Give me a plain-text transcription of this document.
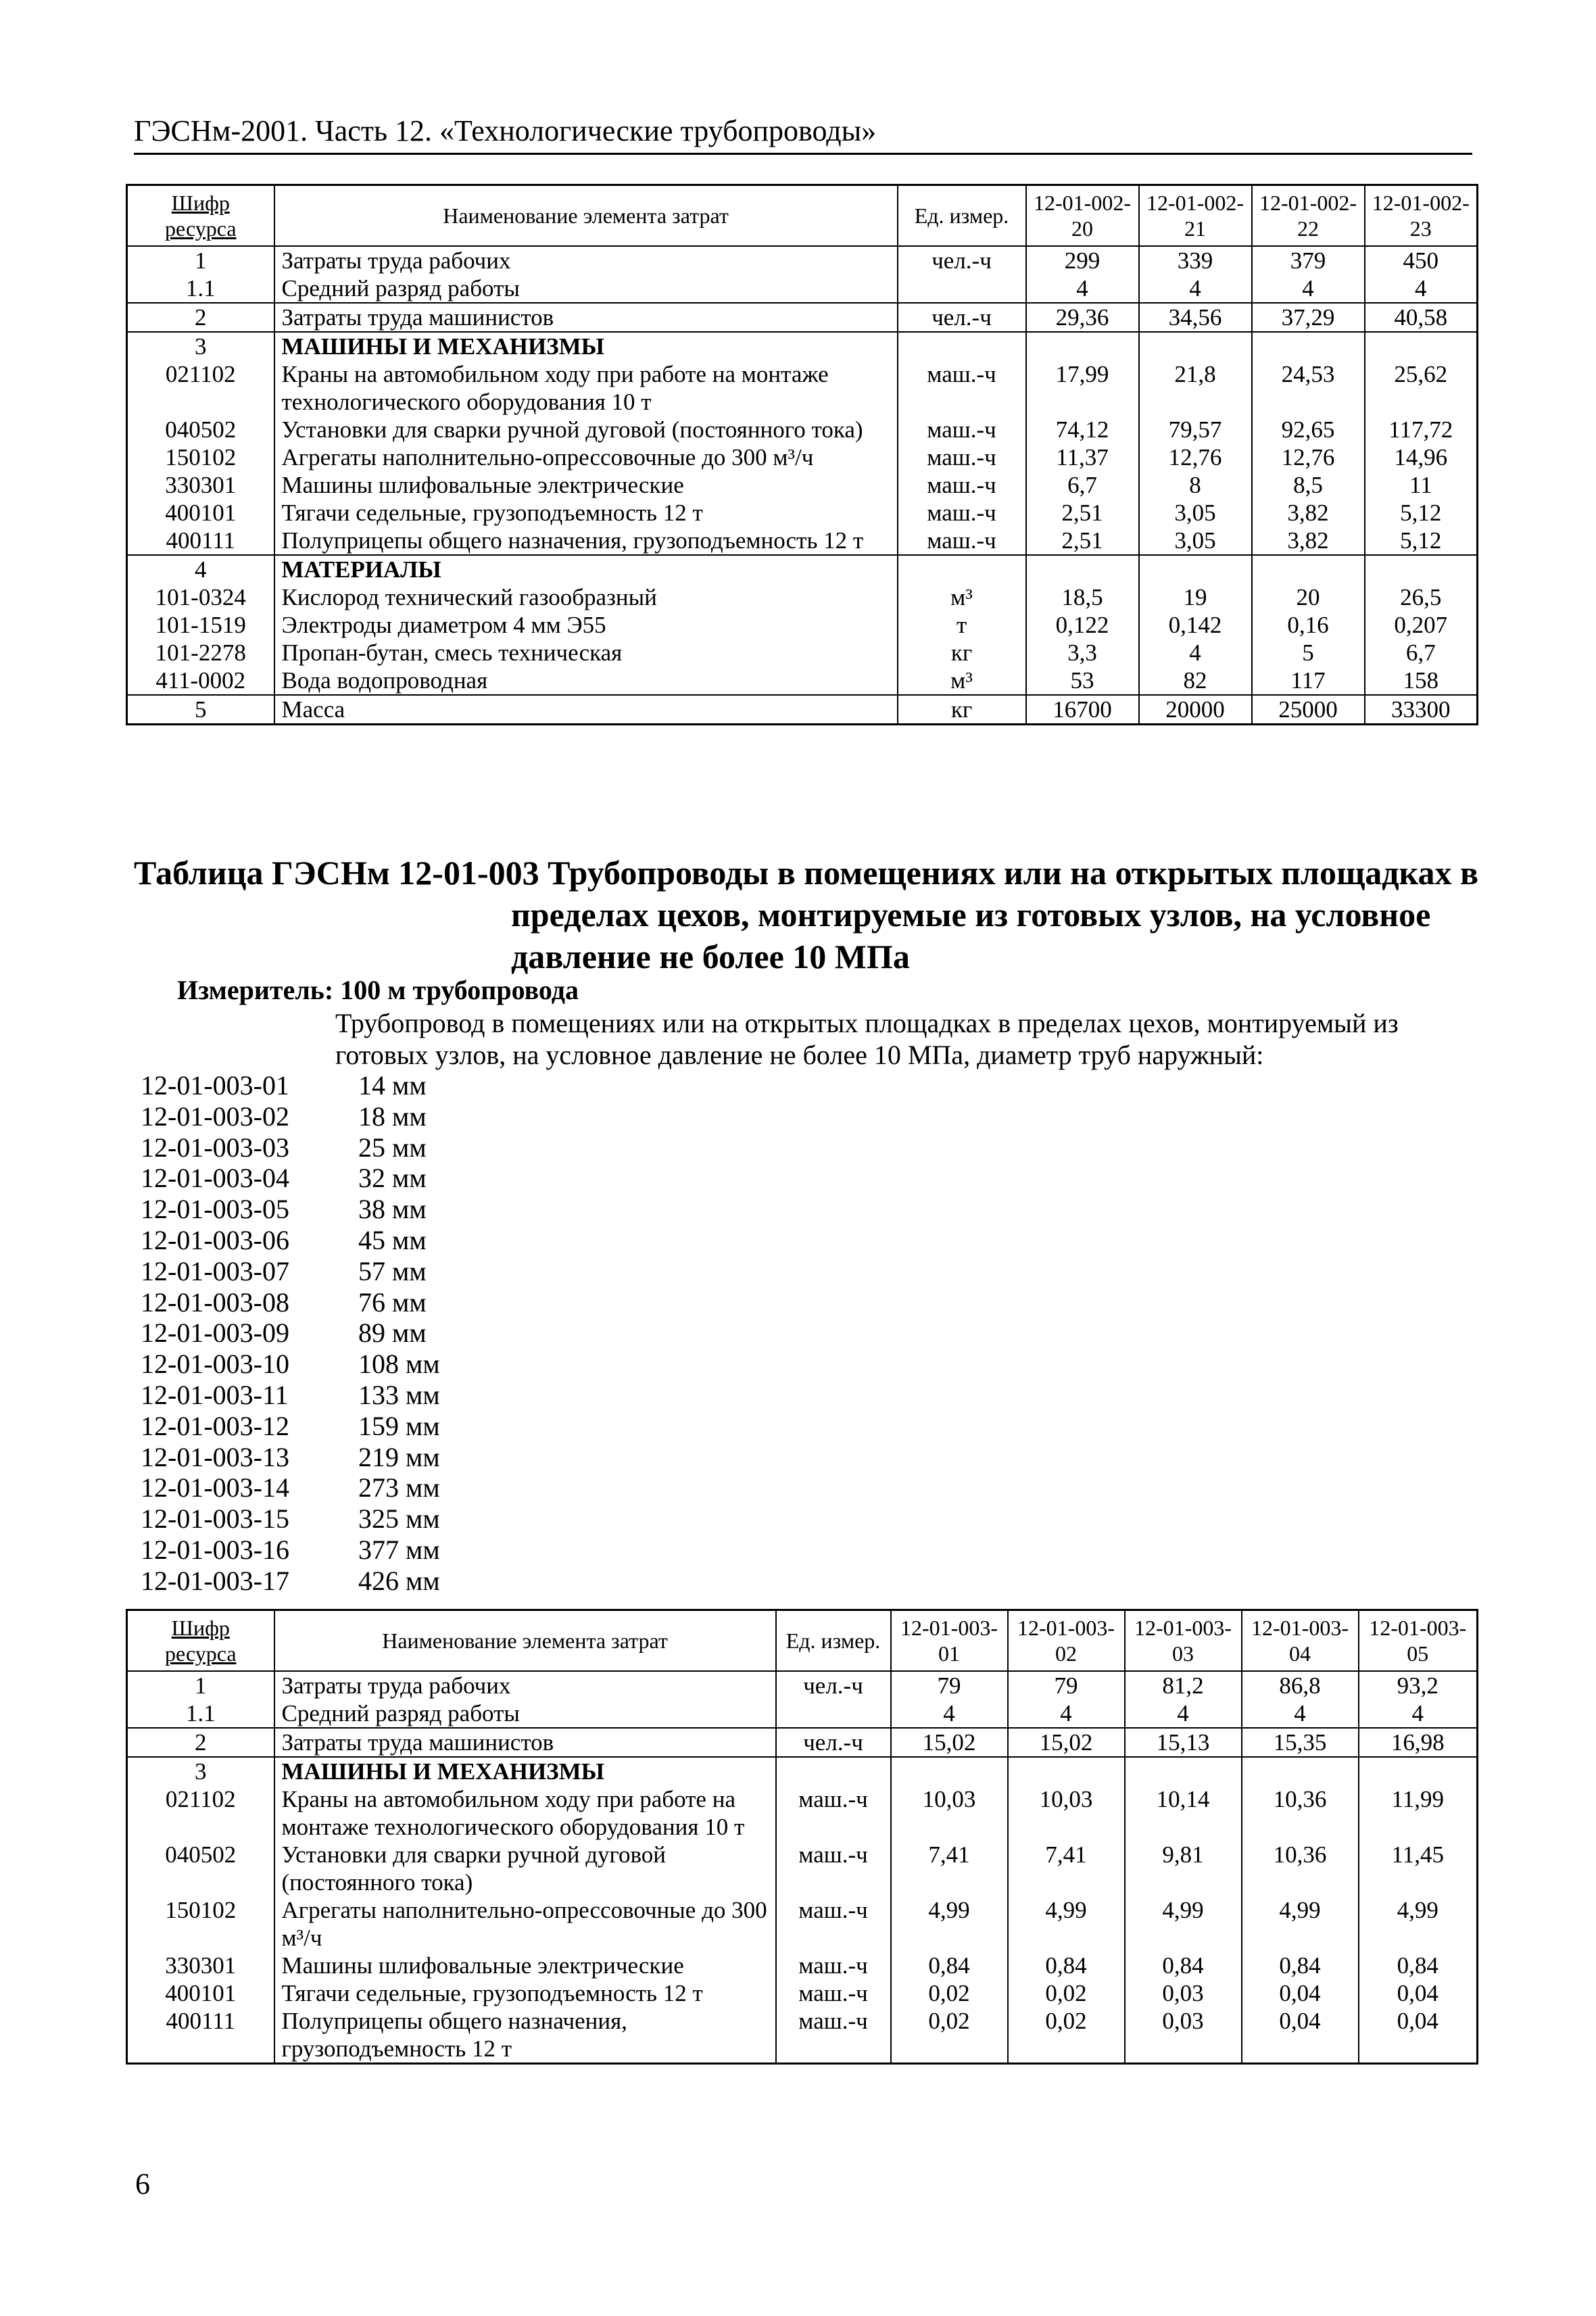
ГЭСНм-2001. Часть 12. «Технологические трубопроводы»
Шифр ресурса	Наименование элемента затрат	Ед. измер.	12-01-002-20	12-01-002-21	12-01-002-22	12-01-002-23
1	Затраты труда рабочих	чел.-ч	299	339	379	450
1.1	Средний разряд работы		4	4	4	4
2	Затраты труда машинистов	чел.-ч	29,36	34,56	37,29	40,58
3	МАШИНЫ И МЕХАНИЗМЫ					
021102	Краны на автомобильном ходу при работе на монтаже технологического оборудования 10 т	маш.-ч	17,99	21,8	24,53	25,62
040502	Установки для сварки ручной дуговой (постоянного тока)	маш.-ч	74,12	79,57	92,65	117,72
150102	Агрегаты наполнительно-опрессовочные до 300 м³/ч	маш.-ч	11,37	12,76	12,76	14,96
330301	Машины шлифовальные электрические	маш.-ч	6,7	8	8,5	11
400101	Тягачи седельные, грузоподъемность 12 т	маш.-ч	2,51	3,05	3,82	5,12
400111	Полуприцепы общего назначения, грузоподъемность 12 т	маш.-ч	2,51	3,05	3,82	5,12
4	МАТЕРИАЛЫ					
101-0324	Кислород технический газообразный	м³	18,5	19	20	26,5
101-1519	Электроды диаметром 4 мм Э55	т	0,122	0,142	0,16	0,207
101-2278	Пропан-бутан, смесь техническая	кг	3,3	4	5	6,7
411-0002	Вода водопроводная	м³	53	82	117	158
5	Масса	кг	16700	20000	25000	33300
Таблица ГЭСНм 12-01-003 Трубопроводы в помещениях или на открытых площадках в
пределах цехов, монтируемые из готовых узлов, на условное
давление не более 10 МПа
Измеритель: 100 м трубопровода
Трубопровод в помещениях или на открытых площадках в пределах цехов, монтируемый из готовых узлов, на условное давление не более 10 МПа, диаметр труб наружный:
12-01-003-01	14 мм
12-01-003-02	18 мм
12-01-003-03	25 мм
12-01-003-04	32 мм
12-01-003-05	38 мм
12-01-003-06	45 мм
12-01-003-07	57 мм
12-01-003-08	76 мм
12-01-003-09	89 мм
12-01-003-10	108 мм
12-01-003-11	133 мм
12-01-003-12	159 мм
12-01-003-13	219 мм
12-01-003-14	273 мм
12-01-003-15	325 мм
12-01-003-16	377 мм
12-01-003-17	426 мм
Шифр ресурса	Наименование элемента затрат	Ед. измер.	12-01-003-01	12-01-003-02	12-01-003-03	12-01-003-04	12-01-003-05
1	Затраты труда рабочих	чел.-ч	79	79	81,2	86,8	93,2
1.1	Средний разряд работы		4	4	4	4	4
2	Затраты труда машинистов	чел.-ч	15,02	15,02	15,13	15,35	16,98
3	МАШИНЫ И МЕХАНИЗМЫ						
021102	Краны на автомобильном ходу при работе на монтаже технологического оборудования 10 т	маш.-ч	10,03	10,03	10,14	10,36	11,99
040502	Установки для сварки ручной дуговой (постоянного тока)	маш.-ч	7,41	7,41	9,81	10,36	11,45
150102	Агрегаты наполнительно-опрессовочные до 300 м³/ч	маш.-ч	4,99	4,99	4,99	4,99	4,99
330301	Машины шлифовальные электрические	маш.-ч	0,84	0,84	0,84	0,84	0,84
400101	Тягачи седельные, грузоподъемность 12 т	маш.-ч	0,02	0,02	0,03	0,04	0,04
400111	Полуприцепы общего назначения, грузоподъемность 12 т	маш.-ч	0,02	0,02	0,03	0,04	0,04
6
